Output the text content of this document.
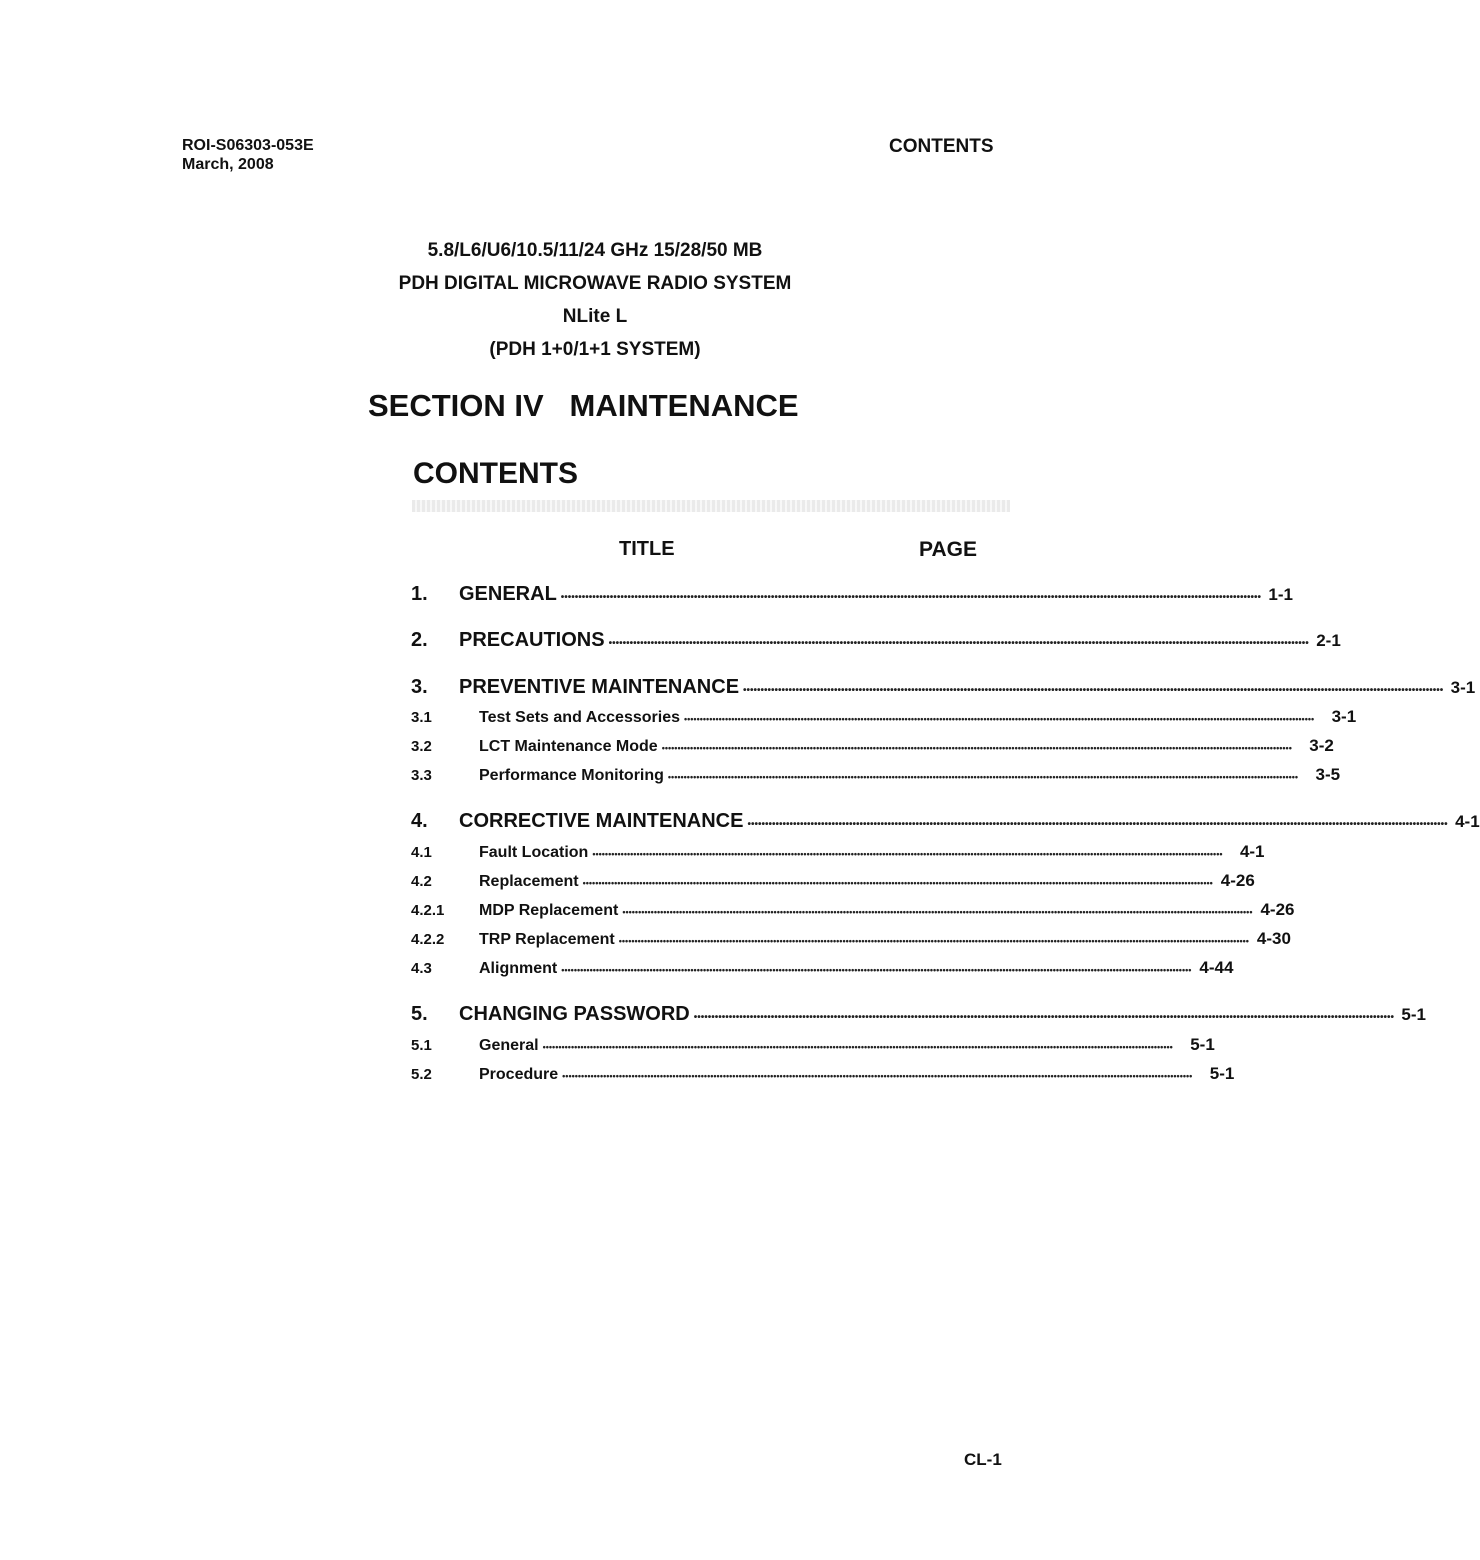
ROI-S06303-053E
March, 2008
CONTENTS
5.8/L6/U6/10.5/11/24 GHz 15/28/50 MB
PDH DIGITAL MICROWAVE RADIO SYSTEM
NLite L
(PDH 1+0/1+1 SYSTEM)
SECTION IV   MAINTENANCE
CONTENTS
TITLE	PAGE
1.	GENERAL •••••••••••••••••••••••••••••••••••••••••••••••••••••••••••••••••••••••••••••••••••••••••••••••••••••••••••••••••••••••••••••••••••••••••••••••••••••••••••••••••••••••••••••••••••••••••••••••••••••••• 1-1
2.	PRECAUTIONS •••••••••••••••••••••••••••••••••••••••••••••••••••••••••••••••••••••••••••••••••••••••••••••••••••••••••••••••••••••••••••••••••••••••••••••••••••••••••••••••••••••••••••••••••••••••••••••••••••••••• 2-1
3.	PREVENTIVE MAINTENANCE •••••••••••••••••••••••••••••••••••••••••••••••••••••••••••••••••••••••••••••••••••••••••••••••••••••••••••••••••••••••••••••••••••••••••••••••••••••••••••••••••••••••••••••••••••••••••••••••••••••••• 3-1
3.1	Test Sets and Accessories ••••••••••••••••••••••••••••••••••••••••••••••••••••••••••••••••••••••••••••••••••••••••••••••••••••••••••••••••••••••••••••••••••••••••••••••••••••••••••••••••••••••••••••••••••••••••••••••••••••••••	3-1
3.2	LCT Maintenance Mode ••••••••••••••••••••••••••••••••••••••••••••••••••••••••••••••••••••••••••••••••••••••••••••••••••••••••••••••••••••••••••••••••••••••••••••••••••••••••••••••••••••••••••••••••••••••••••••••••••••••••	3-2
3.3	Performance Monitoring ••••••••••••••••••••••••••••••••••••••••••••••••••••••••••••••••••••••••••••••••••••••••••••••••••••••••••••••••••••••••••••••••••••••••••••••••••••••••••••••••••••••••••••••••••••••••••••••••••••••••	3-5
4.	CORRECTIVE MAINTENANCE •••••••••••••••••••••••••••••••••••••••••••••••••••••••••••••••••••••••••••••••••••••••••••••••••••••••••••••••••••••••••••••••••••••••••••••••••••••••••••••••••••••••••••••••••••••••••••••••••••••••• 4-1
4.1	Fault Location ••••••••••••••••••••••••••••••••••••••••••••••••••••••••••••••••••••••••••••••••••••••••••••••••••••••••••••••••••••••••••••••••••••••••••••••••••••••••••••••••••••••••••••••••••••••••••••••••••••••••	4-1
4.2	Replacement •••••••••••••••••••••••••••••••••••••••••••••••••••••••••••••••••••••••••••••••••••••••••••••••••••••••••••••••••••••••••••••••••••••••••••••••••••••••••••••••••••••••••••••••••••••••••••••••••••••••• 4-26
4.2.1	MDP Replacement •••••••••••••••••••••••••••••••••••••••••••••••••••••••••••••••••••••••••••••••••••••••••••••••••••••••••••••••••••••••••••••••••••••••••••••••••••••••••••••••••••••••••••••••••••••••••••••••••••••••• 4-26
4.2.2	TRP Replacement •••••••••••••••••••••••••••••••••••••••••••••••••••••••••••••••••••••••••••••••••••••••••••••••••••••••••••••••••••••••••••••••••••••••••••••••••••••••••••••••••••••••••••••••••••••••••••••••••••••••• 4-30
4.3	Alignment •••••••••••••••••••••••••••••••••••••••••••••••••••••••••••••••••••••••••••••••••••••••••••••••••••••••••••••••••••••••••••••••••••••••••••••••••••••••••••••••••••••••••••••••••••••••••••••••••••••••• 4-44
5.	CHANGING PASSWORD •••••••••••••••••••••••••••••••••••••••••••••••••••••••••••••••••••••••••••••••••••••••••••••••••••••••••••••••••••••••••••••••••••••••••••••••••••••••••••••••••••••••••••••••••••••••••••••••••••••••• 5-1
5.1	General ••••••••••••••••••••••••••••••••••••••••••••••••••••••••••••••••••••••••••••••••••••••••••••••••••••••••••••••••••••••••••••••••••••••••••••••••••••••••••••••••••••••••••••••••••••••••••••••••••••••••	5-1
5.2	Procedure ••••••••••••••••••••••••••••••••••••••••••••••••••••••••••••••••••••••••••••••••••••••••••••••••••••••••••••••••••••••••••••••••••••••••••••••••••••••••••••••••••••••••••••••••••••••••••••••••••••••••	5-1
CL-1
